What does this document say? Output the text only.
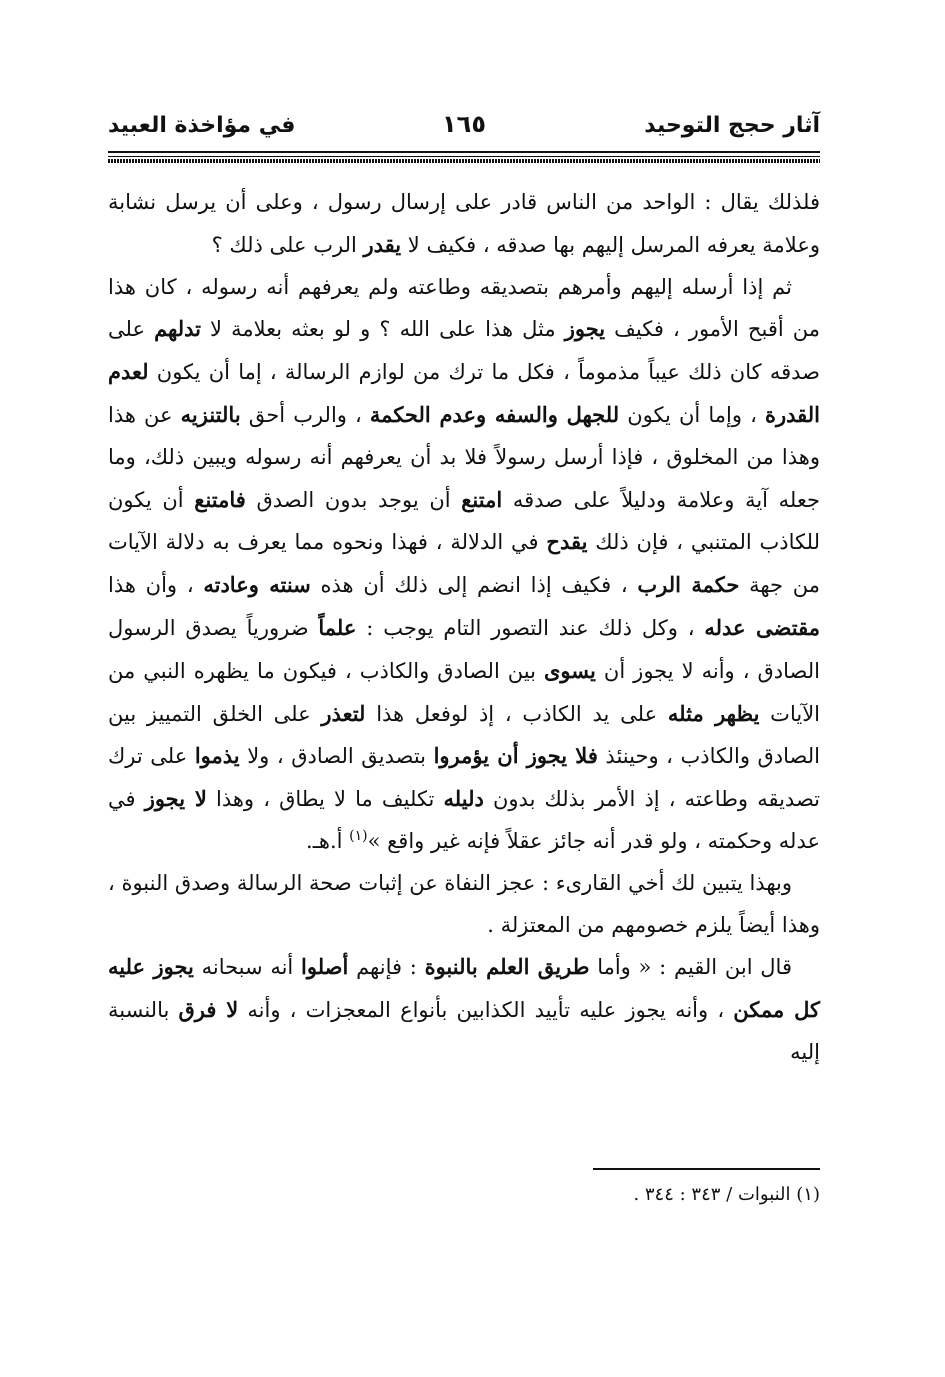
آثار حجج التوحيد
١٦٥
في مؤاخذة العبيد

فلذلك يقال : الواحد من الناس قادر على إرسال رسول ، وعلى أن يرسل نشابة وعلامة يعرفه المرسل إليهم بها صدقه ، فكيف لا يقدر الرب على ذلك ؟

ثم إذا أرسله إليهم وأمرهم بتصديقه وطاعته ولم يعرفهم أنه رسوله ، كان هذا من أقبح الأمور ، فكيف يجوز مثل هذا على الله ؟ و لو بعثه بعلامة لا تدلهم على صدقه كان ذلك عيباً مذموماً ، فكل ما ترك من لوازم الرسالة ، إما أن يكون لعدم القدرة ، وإما أن يكون للجهل والسفه وعدم الحكمة ، والرب أحق بالتنزيه عن هذا وهذا من المخلوق ، فإذا أرسل رسولاً فلا بد أن يعرفهم أنه رسوله ويبين ذلك، وما جعله آية وعلامة ودليلاً على صدقه امتنع أن يوجد بدون الصدق فامتنع أن يكون للكاذب المتنبي ، فإن ذلك يقدح في الدلالة ، فهذا ونحوه مما يعرف به دلالة الآيات من جهة حكمة الرب ، فكيف إذا انضم إلى ذلك أن هذه سنته وعادته ، وأن هذا مقتضى عدله ، وكل ذلك عند التصور التام يوجب : علماً ضرورياً يصدق الرسول الصادق ، وأنه لا يجوز أن يسوى بين الصادق والكاذب ، فيكون ما يظهره النبي من الآيات يظهر مثله على يد الكاذب ، إذ لوفعل هذا لتعذر على الخلق التمييز بين الصادق والكاذب ، وحينئذ فلا يجوز أن يؤمروا بتصديق الصادق ، ولا يذموا على ترك تصديقه وطاعته ، إذ الأمر بذلك بدون دليله تكليف ما لا يطاق ، وهذا لا يجوز في عدله وحكمته ، ولو قدر أنه جائز عقلاً فإنه غير واقع »$^{(١)}$ أ.هـ.

وبهذا يتبين لك أخي القارىء : عجز النفاة عن إثبات صحة الرسالة وصدق النبوة ، وهذا أيضاً يلزم خصومهم من المعتزلة .

قال ابن القيم : « وأما طريق العلم بالنبوة : فإنهم أصلوا أنه سبحانه يجوز عليه كل ممكن ، وأنه يجوز عليه تأييد الكذابين بأنواع المعجزات ، وأنه لا فرق بالنسبة إليه

(١) النبوات / ٣٤٣ : ٣٤٤ .
